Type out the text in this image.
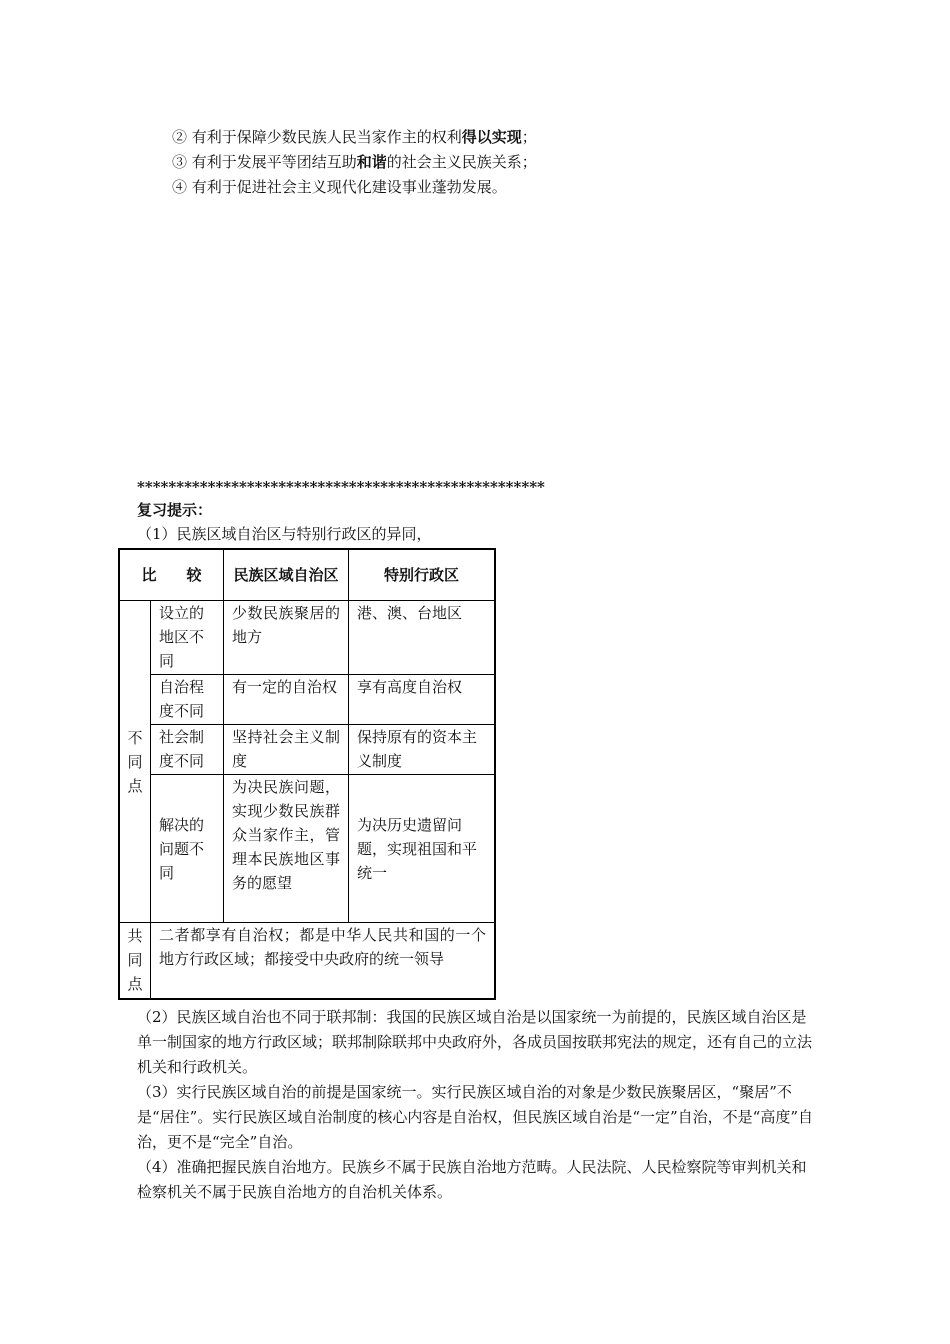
② 有利于保障少数民族人民当家作主的权利得以实现；
③ 有利于发展平等团结互助和谐的社会主义民族关系；
④ 有利于促进社会主义现代化建设事业蓬勃发展。
****************************************************
复习提示：
（1）民族区域自治区与特别行政区的异同，
比　　较		民族区域自治区	特别行政区
不同点	设立的地区不同	少数民族聚居的地方	港、澳、台地区
	自治程度不同	有一定的自治权	享有高度自治权
	社会制度不同	坚持社会主义制度	保持原有的资本主义制度
	解决的问题不同	为决民族问题，实现少数民族群众当家作主，管理本民族地区事务的愿望	为决历史遗留问题，实现祖国和平统一
共同点	二者都享有自治权；都是中华人民共和国的一个地方行政区域；都接受中央政府的统一领导		
（2）民族区域自治也不同于联邦制：我国的民族区域自治是以国家统一为前提的，民族区域自治区是单一制国家的地方行政区域；联邦制除联邦中央政府外，各成员国按联邦宪法的规定，还有自己的立法机关和行政机关。
（3）实行民族区域自治的前提是国家统一。实行民族区域自治的对象是少数民族聚居区，“聚居”不是“居住”。实行民族区域自治制度的核心内容是自治权，但民族区域自治是“一定”自治，不是“高度”自治，更不是“完全”自治。
（4）准确把握民族自治地方。民族乡不属于民族自治地方范畴。人民法院、人民检察院等审判机关和检察机关不属于民族自治地方的自治机关体系。
